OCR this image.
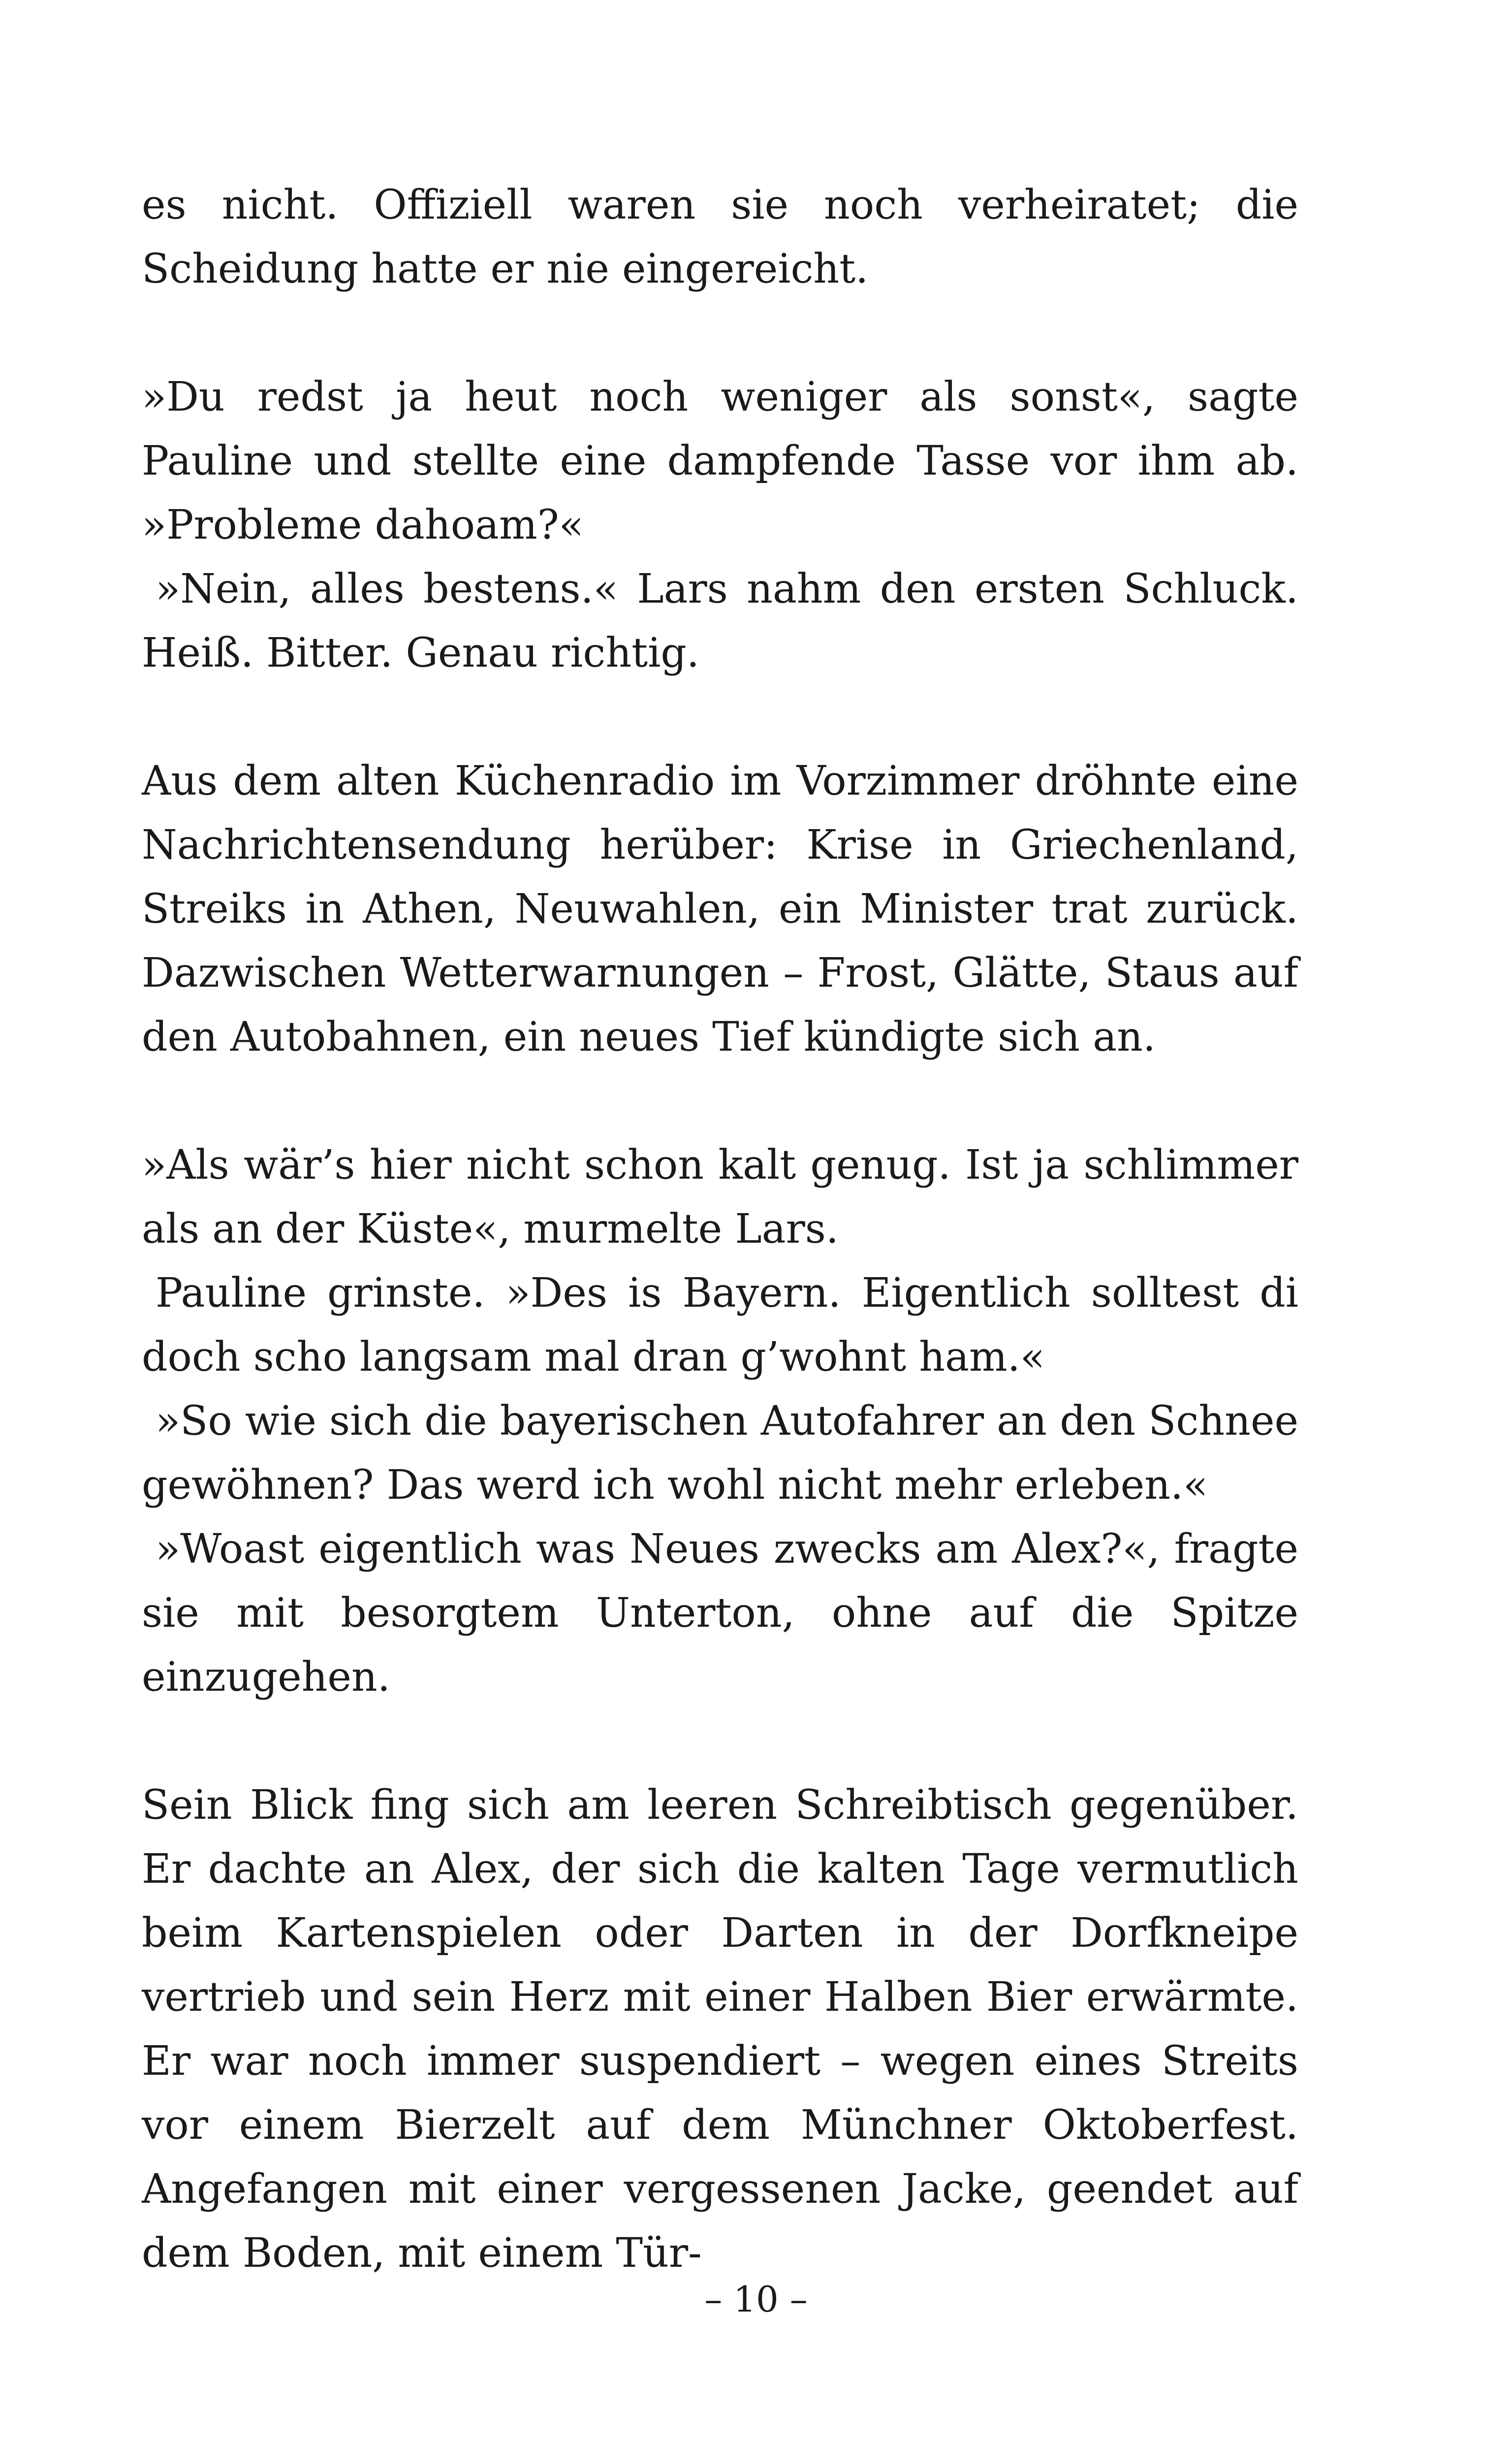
es nicht. Offiziell waren sie noch verheiratet; die Scheidung hatte er nie eingereicht.

»Du redst ja heut noch weniger als sonst«, sagte Pauline und stellte eine dampfende Tasse vor ihm ab. »Probleme dahoam?«

»Nein, alles bestens.« Lars nahm den ersten Schluck. Heiß. Bitter. Genau richtig.

Aus dem alten Küchenradio im Vorzimmer dröhnte eine Nachrichtensendung herüber: Krise in Griechenland, Streiks in Athen, Neuwahlen, ein Minister trat zurück. Dazwischen Wetterwarnungen – Frost, Glätte, Staus auf den Autobahnen, ein neues Tief kündigte sich an.

»Als wär’s hier nicht schon kalt genug. Ist ja schlimmer als an der Küste«, murmelte Lars.

Pauline grinste. »Des is Bayern. Eigentlich solltest di doch scho langsam mal dran g’wohnt ham.«

»So wie sich die bayerischen Autofahrer an den Schnee gewöhnen? Das werd ich wohl nicht mehr erleben.«

»Woast eigentlich was Neues zwecks am Alex?«, fragte sie mit besorgtem Unterton, ohne auf die Spitze einzugehen.

Sein Blick fing sich am leeren Schreibtisch gegenüber. Er dachte an Alex, der sich die kalten Tage vermutlich beim Kartenspielen oder Darten in der Dorfkneipe vertrieb und sein Herz mit einer Halben Bier erwärmte. Er war noch immer suspendiert – wegen eines Streits vor einem Bierzelt auf dem Münchner Oktoberfest. Angefangen mit einer vergessenen Jacke, geendet auf dem Boden, mit einem Tür-

– 10 –
